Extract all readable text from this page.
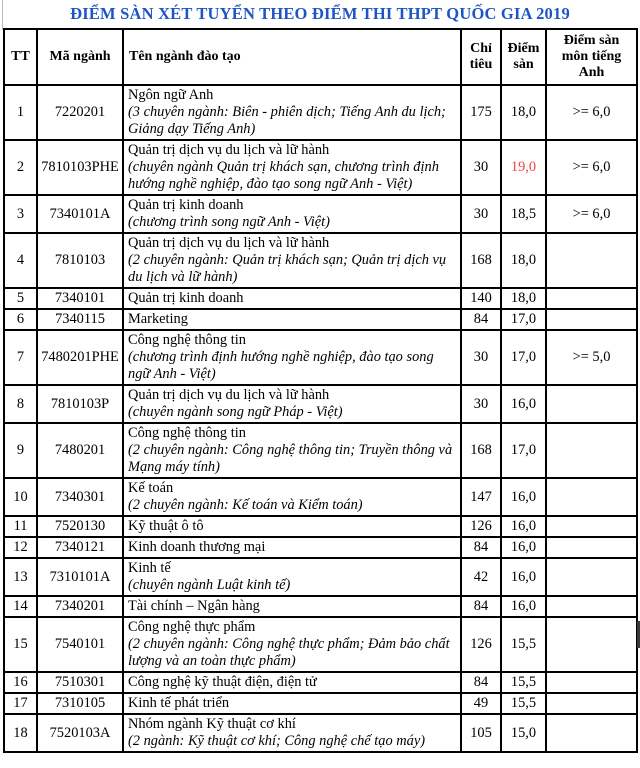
ĐIỂM SÀN XÉT TUYỂN THEO ĐIỂM THI THPT QUỐC GIA 2019
TT	Mã ngành	Tên ngành đào tạo	Chỉ tiêu	Điểm sàn	Điểm sàn môn tiếng Anh
1	7220201	Ngôn ngữ Anh
(3 chuyên ngành: Biên - phiên dịch; Tiếng Anh du lịch; Giảng dạy Tiếng Anh)	175	18,0	>= 6,0
2	7810103PHE	Quản trị dịch vụ du lịch và lữ hành
(chuyên ngành Quản trị khách sạn, chương trình định hướng nghề nghiệp, đào tạo song ngữ Anh - Việt)	30	19,0	>= 6,0
3	7340101A	Quản trị kinh doanh
(chương trình song ngữ Anh - Việt)	30	18,5	>= 6,0
4	7810103	Quản trị dịch vụ du lịch và lữ hành
(2 chuyên ngành: Quản trị khách sạn; Quản trị dịch vụ du lịch và lữ hành)	168	18,0	
5	7340101	Quản trị kinh doanh	140	18,0	
6	7340115	Marketing	84	17,0	
7	7480201PHE	Công nghệ thông tin
(chương trình định hướng nghề nghiệp, đào tạo song ngữ Anh - Việt)	30	17,0	>= 5,0
8	7810103P	Quản trị dịch vụ du lịch và lữ hành
(chuyên ngành song ngữ Pháp - Việt)	30	16,0	
9	7480201	Công nghệ thông tin
(2 chuyên ngành: Công nghệ thông tin; Truyền thông và Mạng máy tính)	168	17,0	
10	7340301	Kế toán
(2 chuyên ngành: Kế toán và Kiểm toán)	147	16,0	
11	7520130	Kỹ thuật ô tô	126	16,0	
12	7340121	Kinh doanh thương mại	84	16,0	
13	7310101A	Kinh tế
(chuyên ngành Luật kinh tế)	42	16,0	
14	7340201	Tài chính – Ngân hàng	84	16,0	
15	7540101	Công nghệ thực phẩm
(2 chuyên ngành: Công nghệ thực phẩm; Đảm bảo chất lượng và an toàn thực phẩm)	126	15,5	
16	7510301	Công nghệ kỹ thuật điện, điện tử	84	15,5	
17	7310105	Kinh tế phát triển	49	15,5	
18	7520103A	Nhóm ngành Kỹ thuật cơ khí
(2 ngành: Kỹ thuật cơ khí; Công nghệ chế tạo máy)	105	15,0	
